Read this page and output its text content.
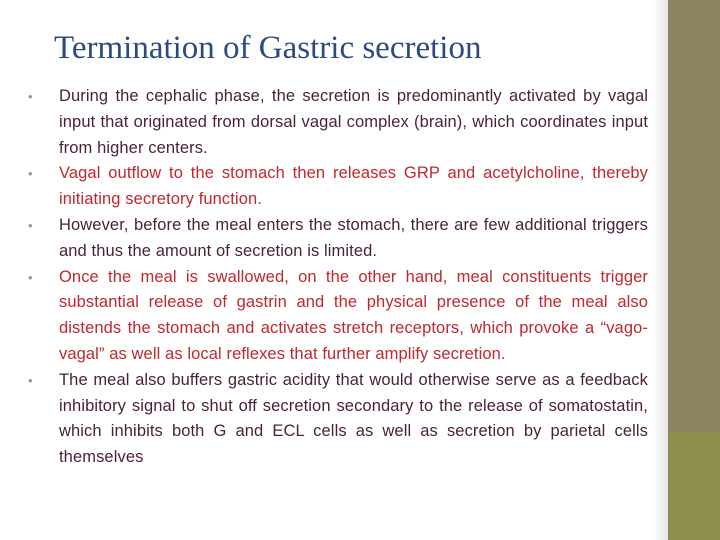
Termination of Gastric secretion
• During the cephalic phase, the secretion is predominantly activated by vagal input that originated from dorsal vagal complex (brain), which coordinates input from higher centers.
• Vagal outflow to the stomach then releases GRP and acetylcholine, thereby initiating secretory function.
• However, before the meal enters the stomach, there are few additional triggers and thus the amount of secretion is limited.
• Once the meal is swallowed, on the other hand, meal constituents trigger substantial release of gastrin and the physical presence of the meal also distends the stomach and activates stretch receptors, which provoke a “vago-vagal” as well as local reflexes that further amplify secretion.
• The meal also buffers gastric acidity that would otherwise serve as a feedback inhibitory signal to shut off secretion secondary to the release of somatostatin, which inhibits both G and ECL cells as well as secretion by parietal cells themselves
